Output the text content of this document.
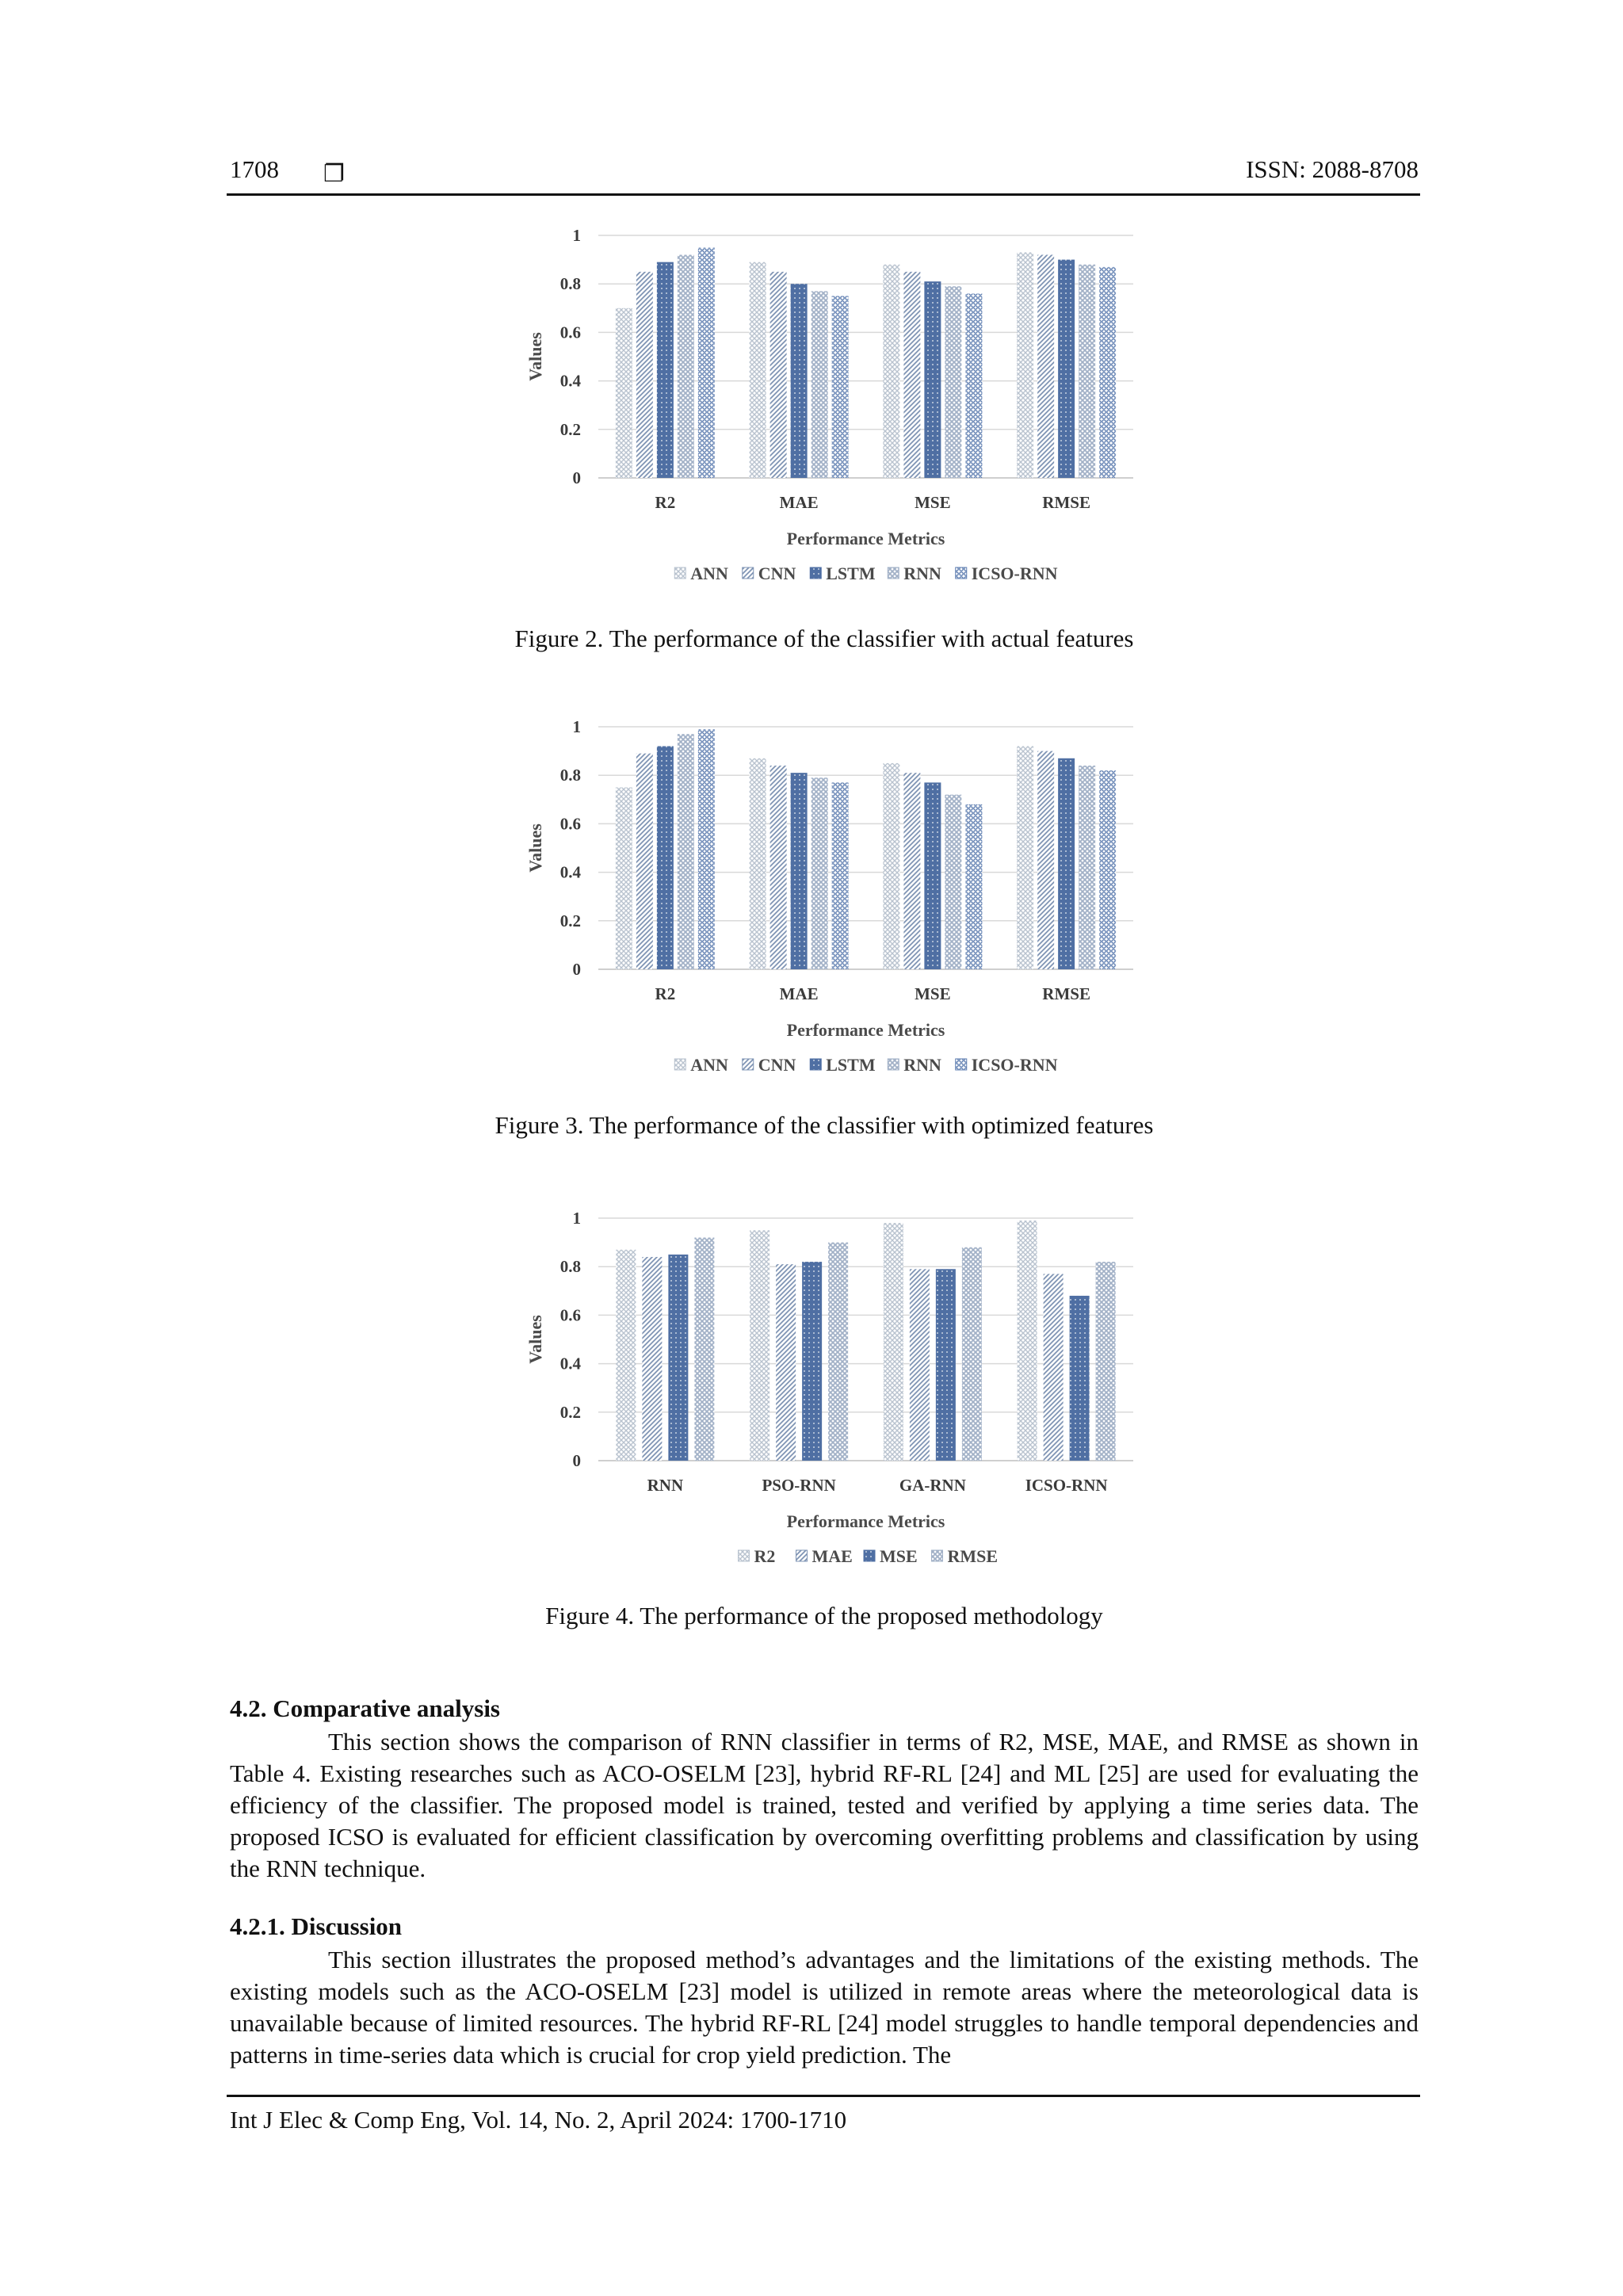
1708 ❐	ISSN: 2088-8708
0
0.2
0.4
0.6
0.8
1
Values
R2	MAE	MSE	RMSE
Performance Metrics
ANN CNN LSTM RNN ICSO-RNN
Figure 2. The performance of the classifier with actual features
0
0.2
0.4
0.6
0.8
1
Values
R2	MAE	MSE	RMSE
Performance Metrics
ANN CNN LSTM RNN ICSO-RNN
Figure 3. The performance of the classifier with optimized features
0
0.2
0.4
0.6
0.8
1
Values
RNN	PSO-RNN	GA-RNN	ICSO-RNN
Performance Metrics
R2 MAE MSE RMSE
Figure 4. The performance of the proposed methodology
4.2. Comparative analysis

This section shows the comparison of RNN classifier in terms of R2, MSE, MAE, and RMSE as shown in Table 4. Existing researches such as ACO-OSELM [23], hybrid RF-RL [24] and ML [25] are used for evaluating the efficiency of the classifier. The proposed model is trained, tested and verified by applying a time series data. The proposed ICSO is evaluated for efficient classification by overcoming overfitting problems and classification by using the RNN technique.

4.2.1. Discussion

This section illustrates the proposed method’s advantages and the limitations of the existing methods. The existing models such as the ACO-OSELM [23] model is utilized in remote areas where the meteorological data is unavailable because of limited resources. The hybrid RF-RL [24] model struggles to handle temporal dependencies and patterns in time-series data which is crucial for crop yield prediction. The

Int J Elec & Comp Eng, Vol. 14, No. 2, April 2024: 1700-1710
